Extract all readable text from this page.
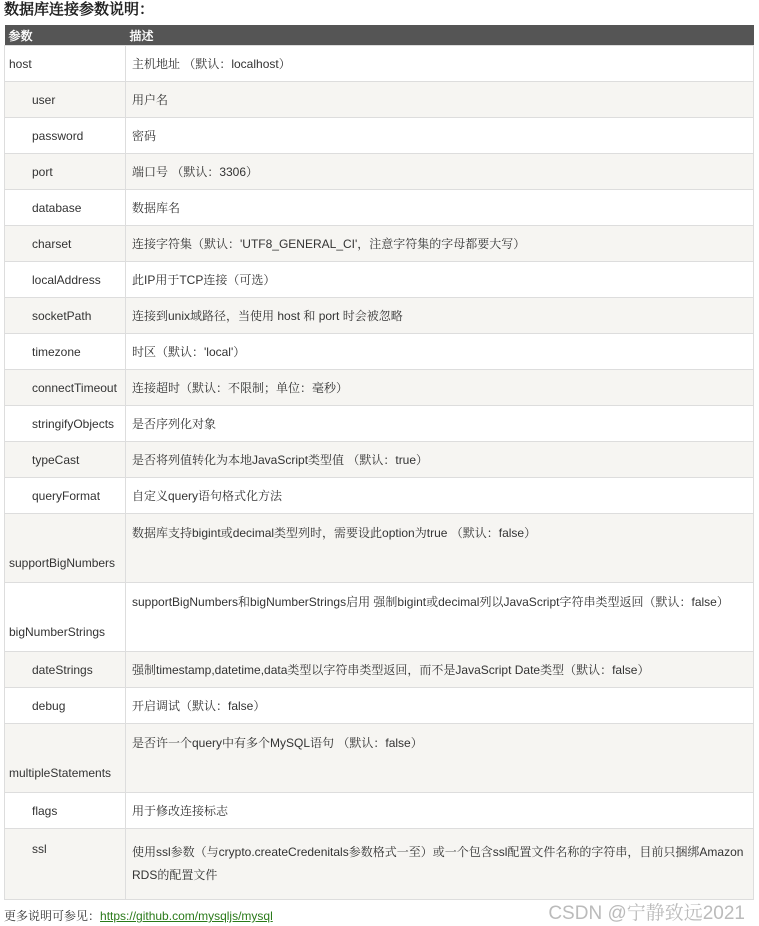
数据库连接参数说明：
参数	描述
host	主机地址 （默认：localhost）
user	用户名
password	密码
port	端口号 （默认：3306）
database	数据库名
charset	连接字符集（默认：'UTF8_GENERAL_CI'，注意字符集的字母都要大写）
localAddress	此IP用于TCP连接（可选）
socketPath	连接到unix域路径，当使用 host 和 port 时会被忽略
timezone	时区（默认：'local'）
connectTimeout	连接超时（默认：不限制；单位：毫秒）
stringifyObjects	是否序列化对象
typeCast	是否将列值转化为本地JavaScript类型值 （默认：true）
queryFormat	自定义query语句格式化方法
supportBigNumbers	数据库支持bigint或decimal类型列时，需要设此option为true （默认：false）
bigNumberStrings	supportBigNumbers和bigNumberStrings启用 强制bigint或decimal列以JavaScript字符串类型返回（默认：false）
dateStrings	强制timestamp,datetime,data类型以字符串类型返回，而不是JavaScript Date类型（默认：false）
debug	开启调试（默认：false）
multipleStatements	是否许一个query中有多个MySQL语句 （默认：false）
flags	用于修改连接标志
ssl	使用ssl参数（与crypto.createCredenitals参数格式一至）或一个包含ssl配置文件名称的字符串，目前只捆绑Amazon RDS的配置文件
更多说明可参见：https://github.com/mysqljs/mysql	CSDN @宁静致远2021
